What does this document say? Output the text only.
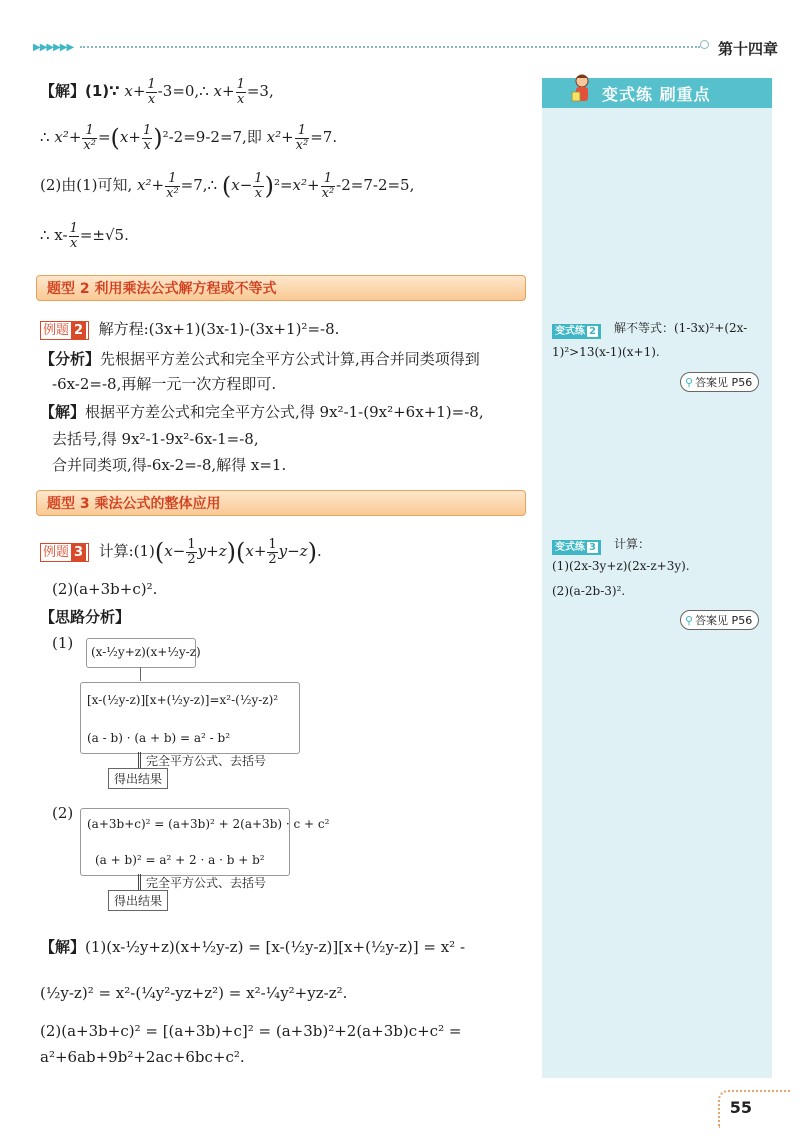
▶▶▶▶▶▶	第十四章
变式练 刷重点
变式练 2	解不等式：(1-3x)²+(2x-
1)²>13(x-1)(x+1).
⚲ 答案见 P56
变式练 3	计算：
(1)(2x-3y+z)(2x-z+3y).
(2)(a-2b-3)².
⚲ 答案见 P56
【解】(1)∵ $x+ \frac{1}{x}$ -3=0,∴ $x+ \frac{1}{x} =3$,
∴ $x^2+ \frac{1}{\text{x²}} =(x+ \frac{1}{x} )^2-2=9-2=7$,即 $x^2+ \frac{1}{\text{x²}} =7$.
(2)由(1)可知, $x^2+ \frac{1}{\text{x²}}$ =7,∴ $(x- \frac{1}{x} )^2=x^2+ \frac{1}{\text{x²}} -2=7-2=5$,
∴ $x- \frac{1}{x} =\pm√5$.
题型 2 利用乘法公式解方程或不等式
例题 2 解方程:(3x+1)(3x-1)-(3x+1)²=-8.
【分析】先根据平方差公式和完全平方公式计算,再合并同类项得到
-6x-2=-8,再解一元一次方程即可.
【解】根据平方差公式和完全平方公式,得 9x²-1-(9x²+6x+1)=-8,
去括号,得 9x²-1-9x²-6x-1=-8,
合并同类项,得-6x-2=-8,解得 x=1.
题型 3 乘法公式的整体应用
例题 3 计算:(1)(x− $\frac{1}{2} y+z)(x+ \frac{1}{2} y-z)$.
(2)(a+3b+c)².
【思路分析】
(1) (x-½y+z)(x+½y-z)
[x-(½y-z)][x+(½y-z)]=x²-(½y-z)²
(a - b) · (a + b) = a² - b²
完全平方公式、去括号
得出结果
(2)
(a+3b+c)² = (a+3b)² + 2(a+3b) · c + c²
(a + b)² = a² + 2 · a · b + b²
完全平方公式、去括号
得出结果
【解】(1)(x-½y+z)(x+½y-z) = [x-(½y-z)][x+(½y-z)] = x² -
(½y-z)² = x²-(¼y²-yz+z²) = x²-¼y²+yz-z².
(2)(a+3b+c)² = [(a+3b)+c]² = (a+3b)²+2(a+3b)c+c² =
a²+6ab+9b²+2ac+6bc+c².
55
